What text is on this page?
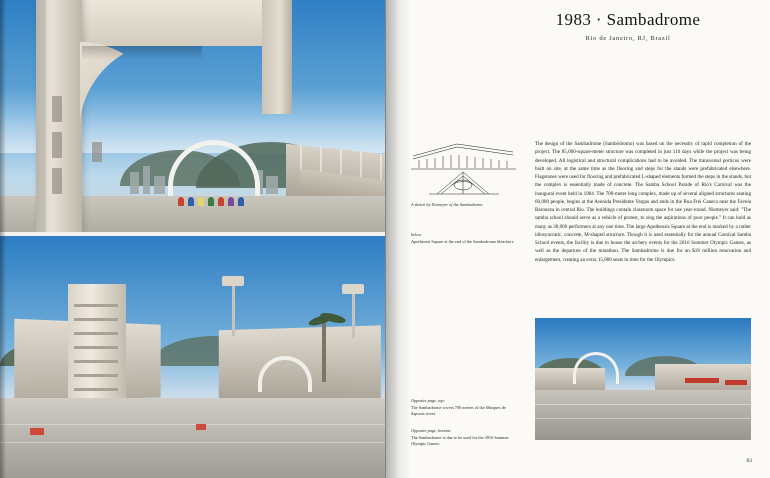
1983 · Sambadrome
Rio de Janeiro, RJ, Brazil
A sketch by Niemeyer of the Sambadrome.
below
Apotheosis Square at the end of the Sambadromo bleachers.
The design of the Sambadrome (Sambódromo) was based on the necessity of rapid completion of the project. The 85,000-square-meter structure was completed in just 110 days while the project was being developed. All logistical and structural complications had to be avoided. The transversal porticos were built on site, at the same time as the flooring and steps for the stands were prefabricated elsewhere. Flagstones were used for flooring and prefabricated L-shaped elements formed the steps in the stands, but the complex is essentially made of concrete. The Samba School Parade of Rio's Carnival was the inaugural event held in 1984. The 700-meter long complex, made up of several aligned structures seating 60,000 people, begins at the Avenida Presidente Vargas and ends in the Rua Frei Caneca near the Favela Baroneza in central Rio. The buildings contain classroom space for use year-round. Niemeyer said: "The samba school should serve as a vehicle of protest, to sing the aspirations of poor people." It can hold as many as 30,000 performers at any one time. The large Apotheosis Square at the end is marked by a rather idiosyncratic, concrete, M-shaped structure. Though it is used essentially for the annual Carnival Samba School events, the facility is due to house the archery events for the 2016 Summer Olympic Games, as well as the departure of the marathon. The Sambadrome is due for an $18 million renovation and enlargement, creating an extra 15,000 seats in time for the Olympics.
Opposite page, top:
The Sambadrome covers 700 meters of the Marques de Sapucai street.
Opposite page, bottom:
The Sambadrome is due to be used for the 2016 Summer Olympic Games.
83
